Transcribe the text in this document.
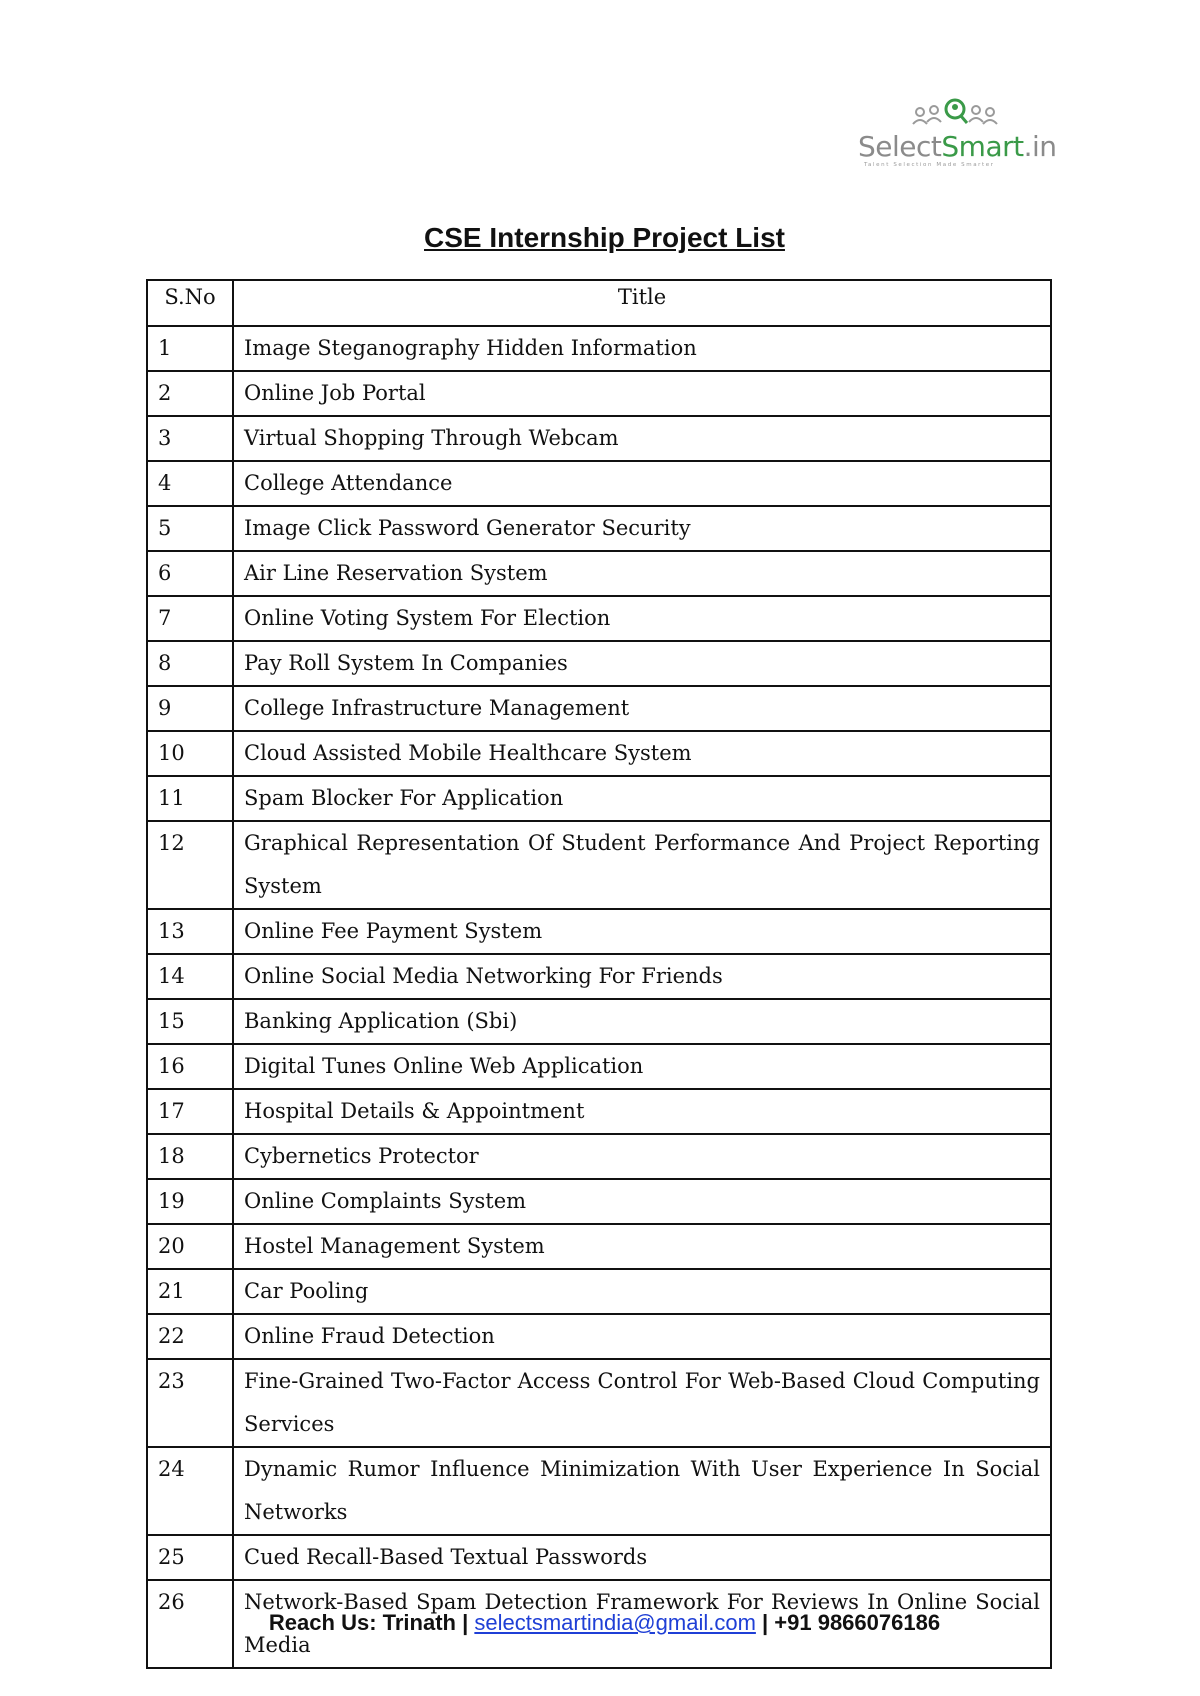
SelectSmart.in
Talent Selection Made Smarter
CSE Internship Project List
S.No	Title
1	Image Steganography Hidden Information
2	Online Job Portal
3	Virtual Shopping Through Webcam
4	College Attendance
5	Image Click Password Generator Security
6	Air Line Reservation System
7	Online Voting System For Election
8	Pay Roll System In Companies
9	College Infrastructure Management
10	Cloud Assisted Mobile Healthcare System
11	Spam Blocker For Application
12	Graphical Representation Of Student Performance And Project Reporting System
13	Online Fee Payment System
14	Online Social Media Networking For Friends
15	Banking Application (Sbi)
16	Digital Tunes Online Web Application
17	Hospital Details & Appointment
18	Cybernetics Protector
19	Online Complaints System
20	Hostel Management System
21	Car Pooling
22	Online Fraud Detection
23	Fine-Grained Two-Factor Access Control For Web-Based Cloud Computing Services
24	Dynamic Rumor Influence Minimization With User Experience In Social Networks
25	Cued Recall-Based Textual Passwords
26	Network-Based Spam Detection Framework For Reviews In Online Social Media
Reach Us: Trinath | selectsmartindia@gmail.com | +91 9866076186
